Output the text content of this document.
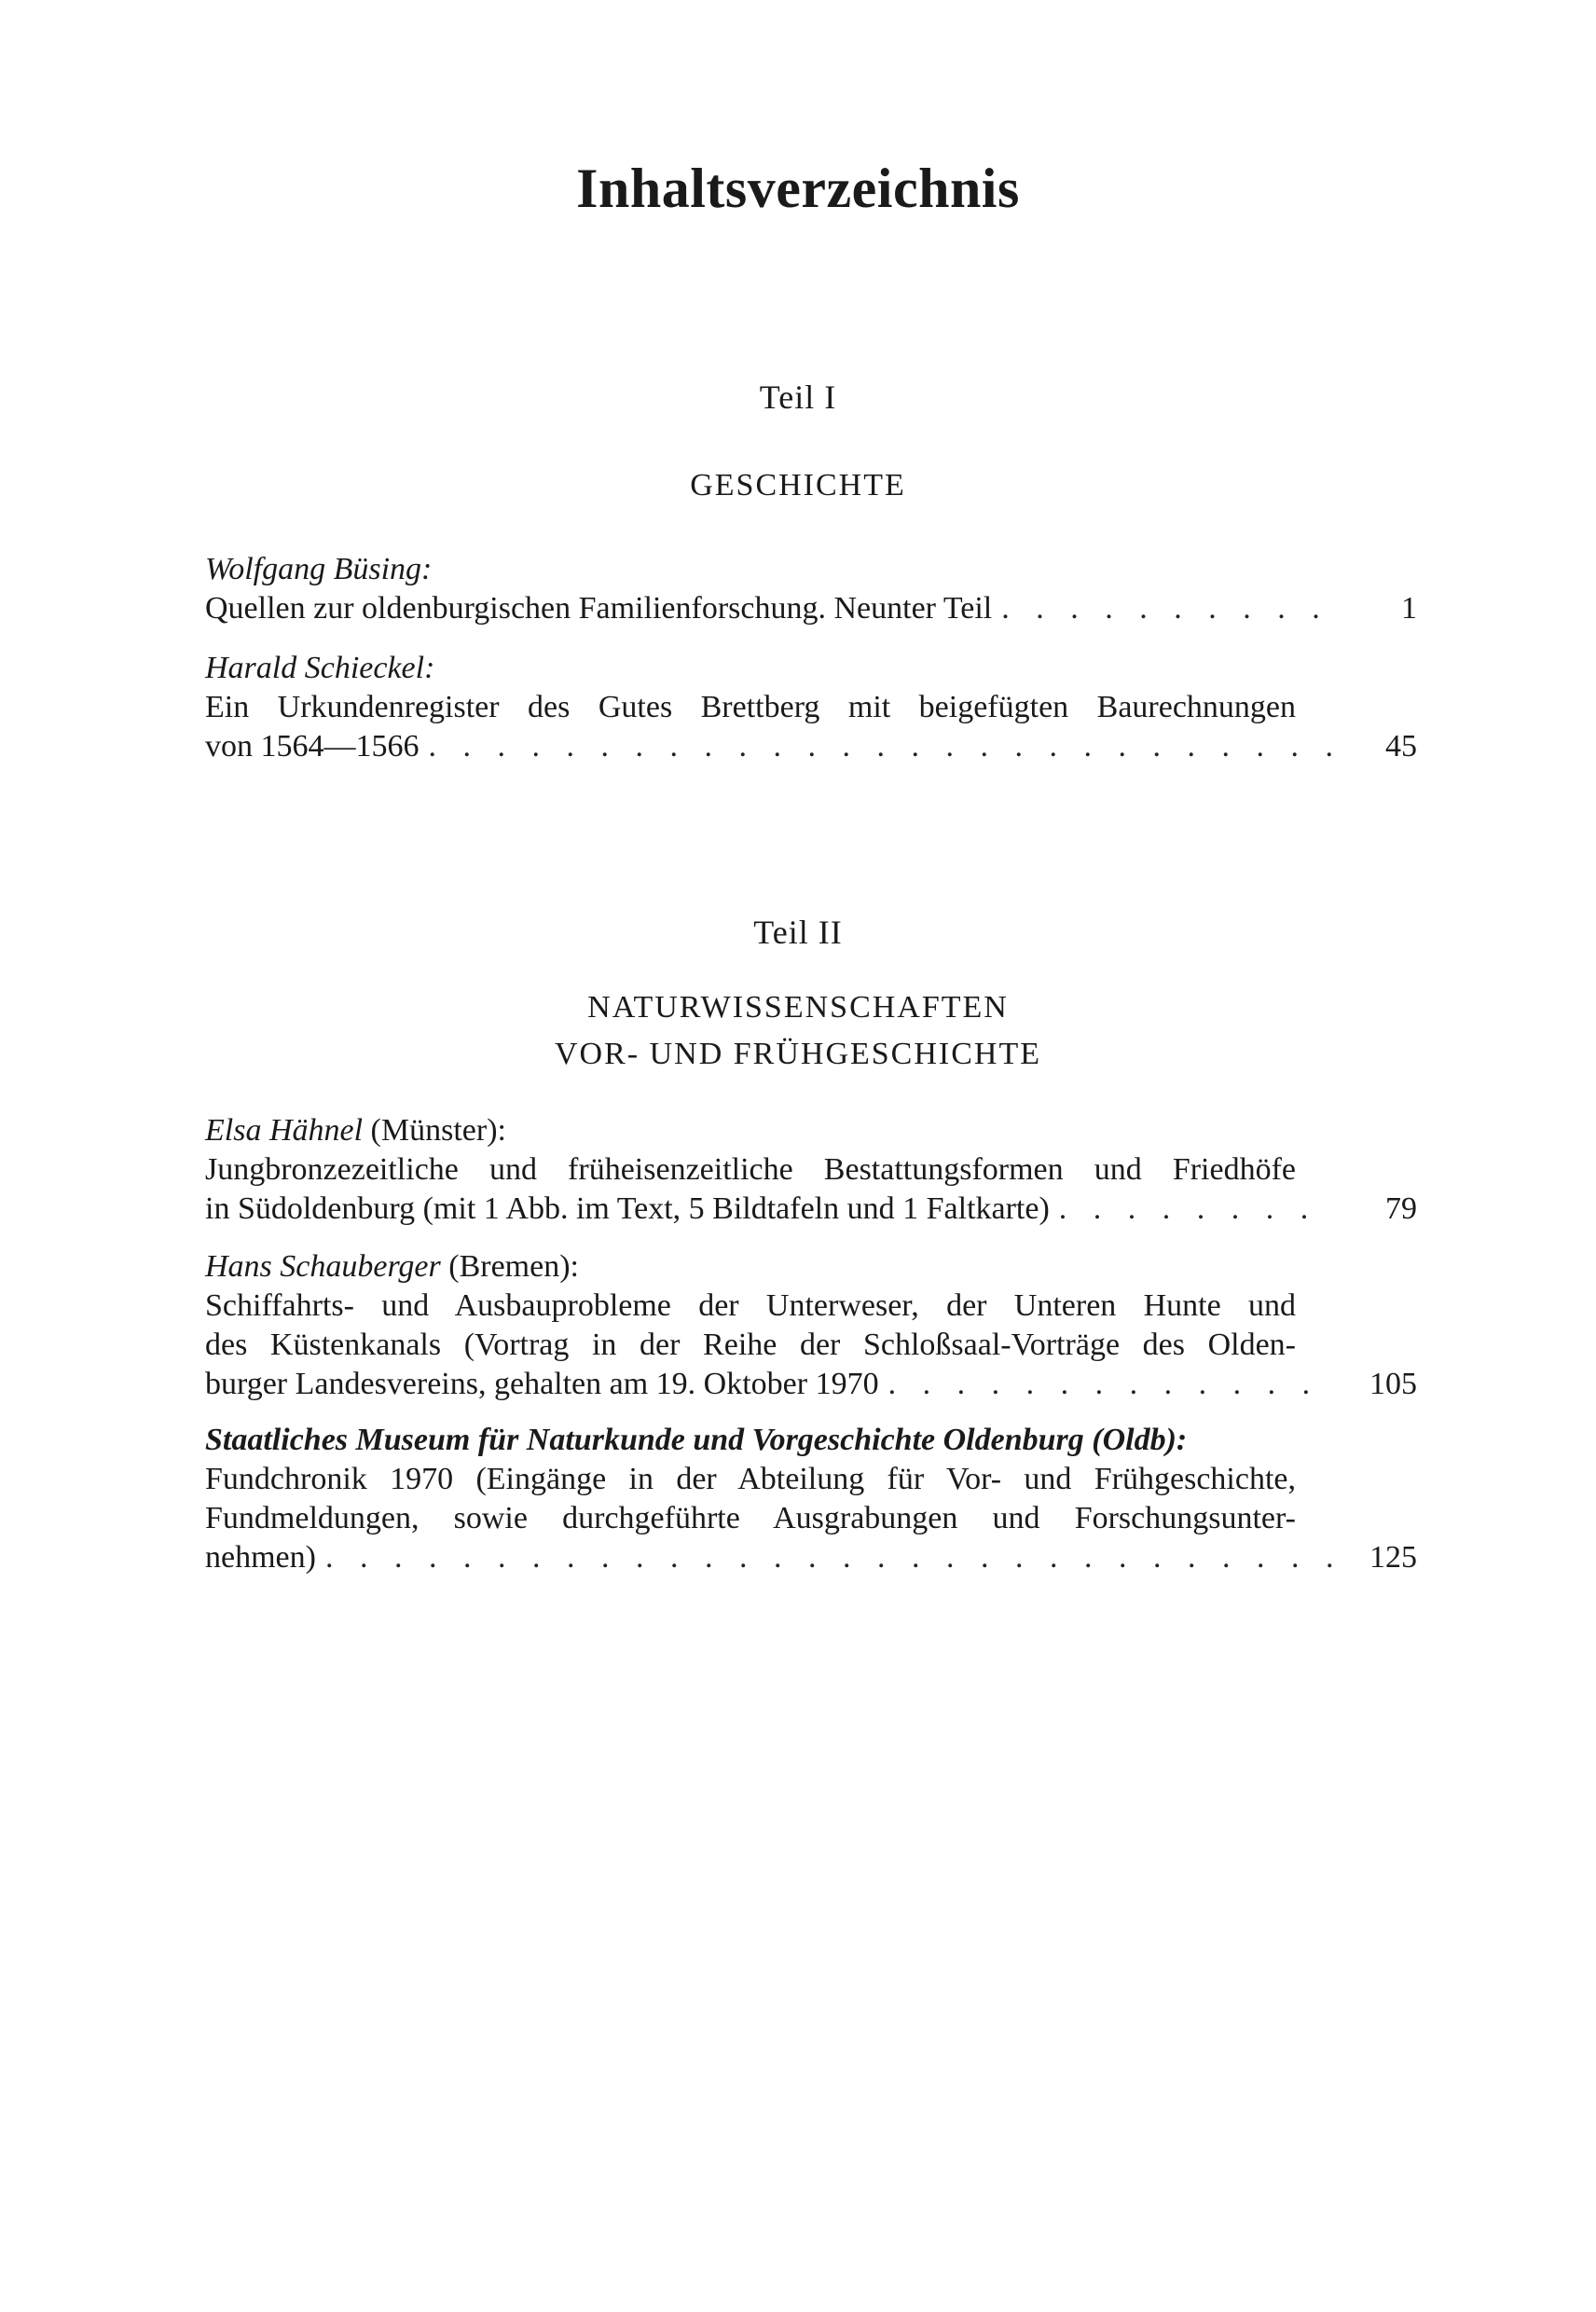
Inhaltsverzeichnis
Teil I
GESCHICHTE
Wolfgang Büsing:
Quellen zur oldenburgischen Familienforschung. Neunter Teil . . .	1
Harald Schieckel:
Ein Urkundenregister des Gutes Brettberg mit beigefügten Baurechnungen
von 1564—1566 . . .	45
Teil II
NATURWISSENSCHAFTEN
VOR- UND FRÜHGESCHICHTE
Elsa Hähnel (Münster):
Jungbronzezeitliche und früheisenzeitliche Bestattungsformen und Friedhöfe
in Südoldenburg (mit 1 Abb. im Text, 5 Bildtafeln und 1 Faltkarte) . . .	79
Hans Schauberger (Bremen):
Schiffahrts- und Ausbauprobleme der Unterweser, der Unteren Hunte und
des Küstenkanals (Vortrag in der Reihe der Schloßsaal-Vorträge des Olden-
burger Landesvereins, gehalten am 19. Oktober 1970 . . .	105
Staatliches Museum für Naturkunde und Vorgeschichte Oldenburg (Oldb):
Fundchronik 1970 (Eingänge in der Abteilung für Vor- und Frühgeschichte,
Fundmeldungen, sowie durchgeführte Ausgrabungen und Forschungsunter-
nehmen) . . .	125
